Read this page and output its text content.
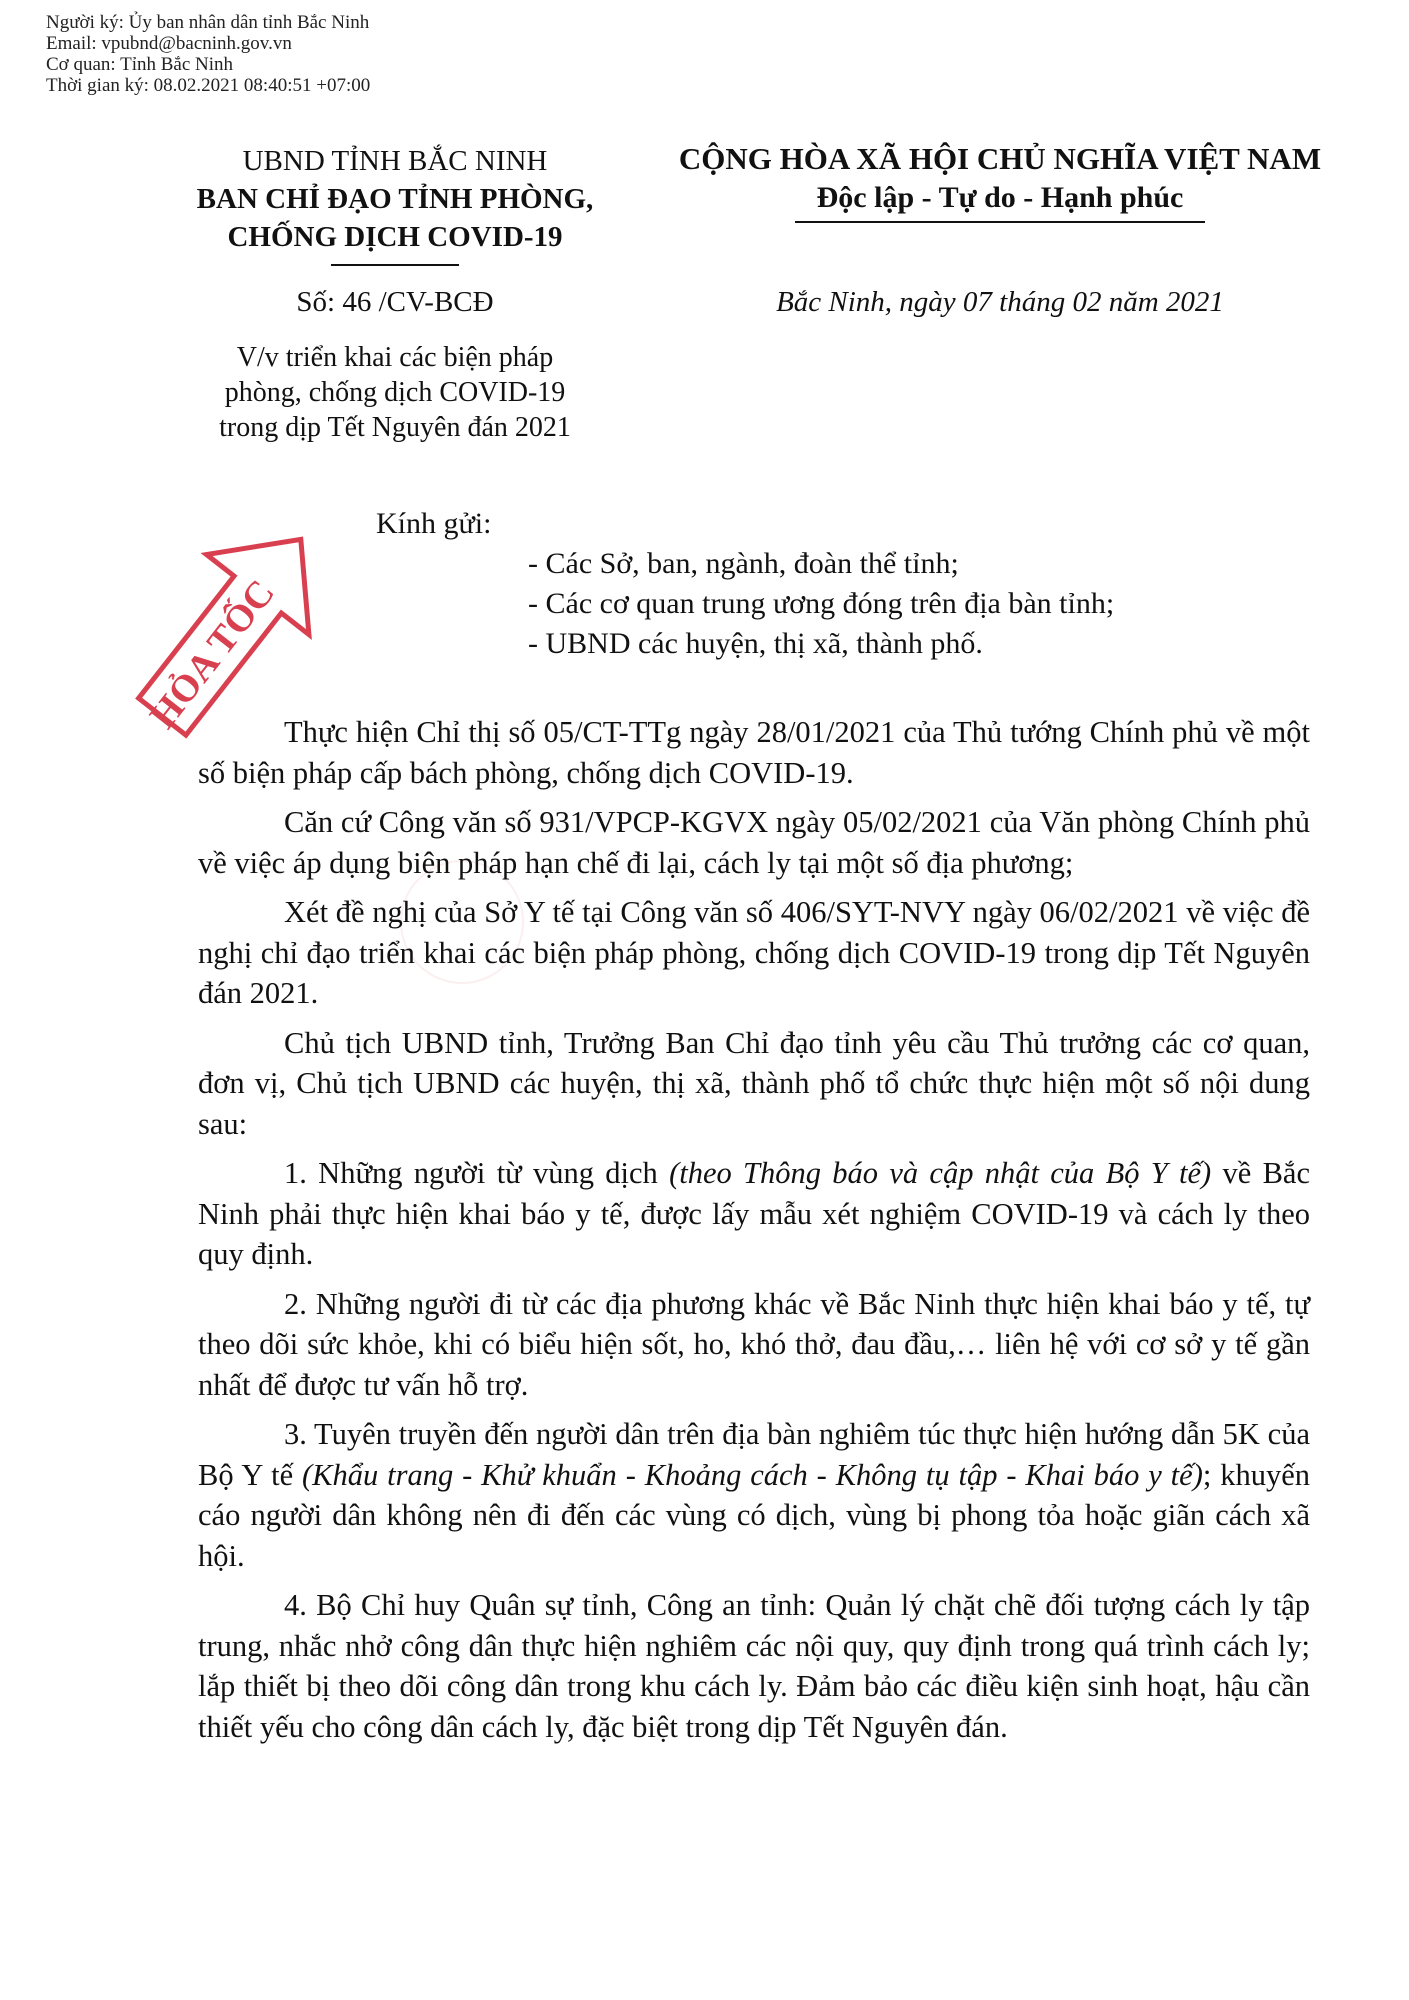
Người ký: Ủy ban nhân dân tỉnh Bắc Ninh
Email: vpubnd@bacninh.gov.vn
Cơ quan: Tỉnh Bắc Ninh
Thời gian ký: 08.02.2021 08:40:51 +07:00
UBND TỈNH BẮC NINH
BAN CHỈ ĐẠO TỈNH PHÒNG,
CHỐNG DỊCH COVID-19
CỘNG HÒA XÃ HỘI CHỦ NGHĨA VIỆT NAM
Độc lập - Tự do - Hạnh phúc
Số: 46 /CV-BCĐ	Bắc Ninh, ngày 07 tháng 02 năm 2021
V/v triển khai các biện pháp
phòng, chống dịch COVID-19
trong dịp Tết Nguyên đán 2021
HỎA TỐC
Kính gửi:
- Các Sở, ban, ngành, đoàn thể tỉnh;
- Các cơ quan trung ương đóng trên địa bàn tỉnh;
- UBND các huyện, thị xã, thành phố.

Thực hiện Chỉ thị số 05/CT-TTg ngày 28/01/2021 của Thủ tướng Chính phủ về một số biện pháp cấp bách phòng, chống dịch COVID-19.

Căn cứ Công văn số 931/VPCP-KGVX ngày 05/02/2021 của Văn phòng Chính phủ về việc áp dụng biện pháp hạn chế đi lại, cách ly tại một số địa phương;

Xét đề nghị của Sở Y tế tại Công văn số 406/SYT-NVY ngày 06/02/2021 về việc đề nghị chỉ đạo triển khai các biện pháp phòng, chống dịch COVID-19 trong dịp Tết Nguyên đán 2021.

Chủ tịch UBND tỉnh, Trưởng Ban Chỉ đạo tỉnh yêu cầu Thủ trưởng các cơ quan, đơn vị, Chủ tịch UBND các huyện, thị xã, thành phố tổ chức thực hiện một số nội dung sau:

1. Những người từ vùng dịch (theo Thông báo và cập nhật của Bộ Y tế) về Bắc Ninh phải thực hiện khai báo y tế, được lấy mẫu xét nghiệm COVID-19 và cách ly theo quy định.

2. Những người đi từ các địa phương khác về Bắc Ninh thực hiện khai báo y tế, tự theo dõi sức khỏe, khi có biểu hiện sốt, ho, khó thở, đau đầu,… liên hệ với cơ sở y tế gần nhất để được tư vấn hỗ trợ.

3. Tuyên truyền đến người dân trên địa bàn nghiêm túc thực hiện hướng dẫn 5K của Bộ Y tế (Khẩu trang - Khử khuẩn - Khoảng cách - Không tụ tập - Khai báo y tế); khuyến cáo người dân không nên đi đến các vùng có dịch, vùng bị phong tỏa hoặc giãn cách xã hội.

4. Bộ Chỉ huy Quân sự tỉnh, Công an tỉnh: Quản lý chặt chẽ đối tượng cách ly tập trung, nhắc nhở công dân thực hiện nghiêm các nội quy, quy định trong quá trình cách ly; lắp thiết bị theo dõi công dân trong khu cách ly. Đảm bảo các điều kiện sinh hoạt, hậu cần thiết yếu cho công dân cách ly, đặc biệt trong dịp Tết Nguyên đán.
